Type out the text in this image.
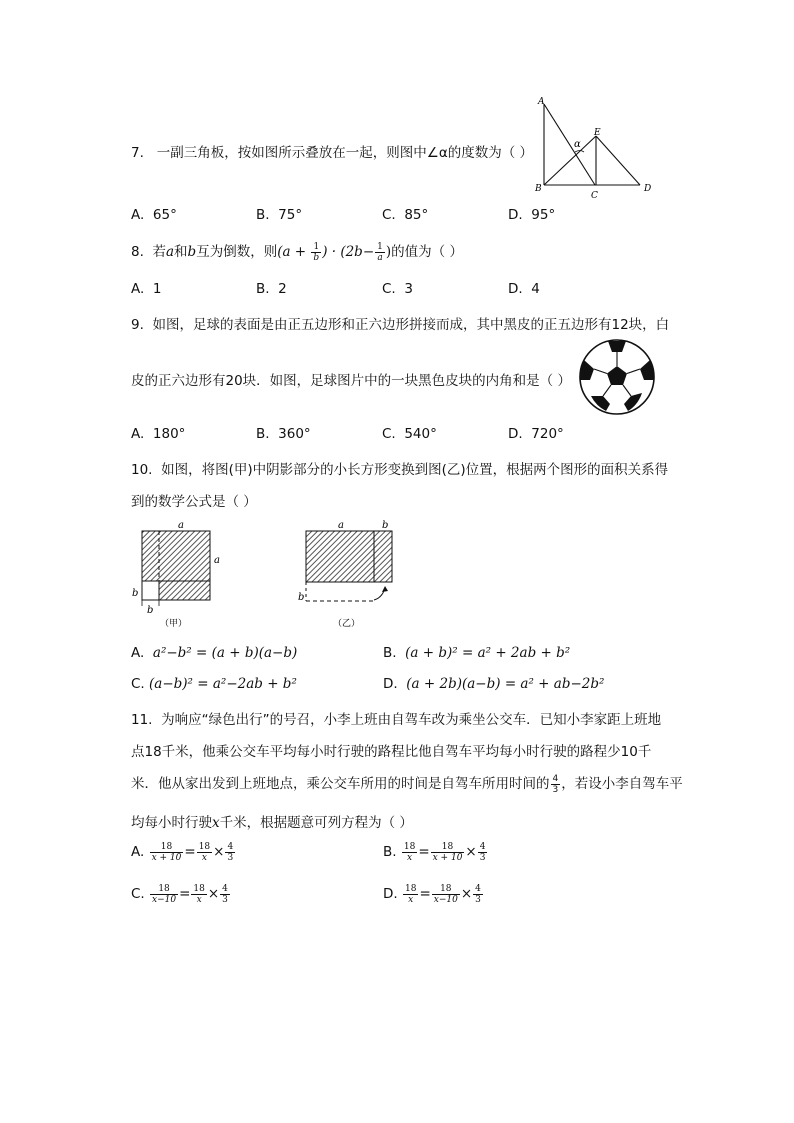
7. 一副三角板，按如图所示叠放在一起，则图中∠α的度数为（ ）
A
B
C
D
E
α
A. 65°	B. 75°	C. 85°	D. 95°
8. 若a和b互为倒数，则($a + \frac{1}{b}$ ) · ($2b- \frac{1}{a}$ )的值为（ ）
A. 1	B. 2	C. 3	D. 4
9. 如图，足球的表面是由正五边形和正六边形拼接而成，其中黑皮的正五边形有12块，白
皮的正六边形有20块．如图，足球图片中的一块黑色皮块的内角和是（ ）
A. 180°	B. 360°	C. 540°	D. 720°
10. 如图，将图(甲)中阴影部分的小长方形变换到图(乙)位置，根据两个图形的面积关系得
到的数学公式是（ ）
a
a
b
b
（甲）
a	b
b
（乙）
A. a²−b² = (a + b)(a−b)	B. (a + b)² = a² + 2ab + b²
C. (a−b)² = a²−2ab + b²	D. (a + 2b)(a−b) = a² + ab−2b²
11. 为响应“绿色出行”的号召，小李上班由自驾车改为乘坐公交车．已知小李家距上班地
点18千米，他乘公交车平均每小时行驶的路程比他自驾车平均每小时行驶的路程少10千
米．他从家出发到上班地点，乘公交车所用的时间是自驾车所用时间的 $\frac{4}{3}$ ，若设小李自驾车平
均每小时行驶x千米，根据题意可列方程为（ ）
A. $\frac{18}{x + 10} = \frac{18}{x} \times \frac{4}{3}$	B. $\frac{18}{x} = \frac{18}{x + 10} \times \frac{4}{3}$
C. $\frac{18}{x-10} = \frac{18}{x} \times \frac{4}{3}$	D. $\frac{18}{x} = \frac{18}{x-10} \times \frac{4}{3}$
